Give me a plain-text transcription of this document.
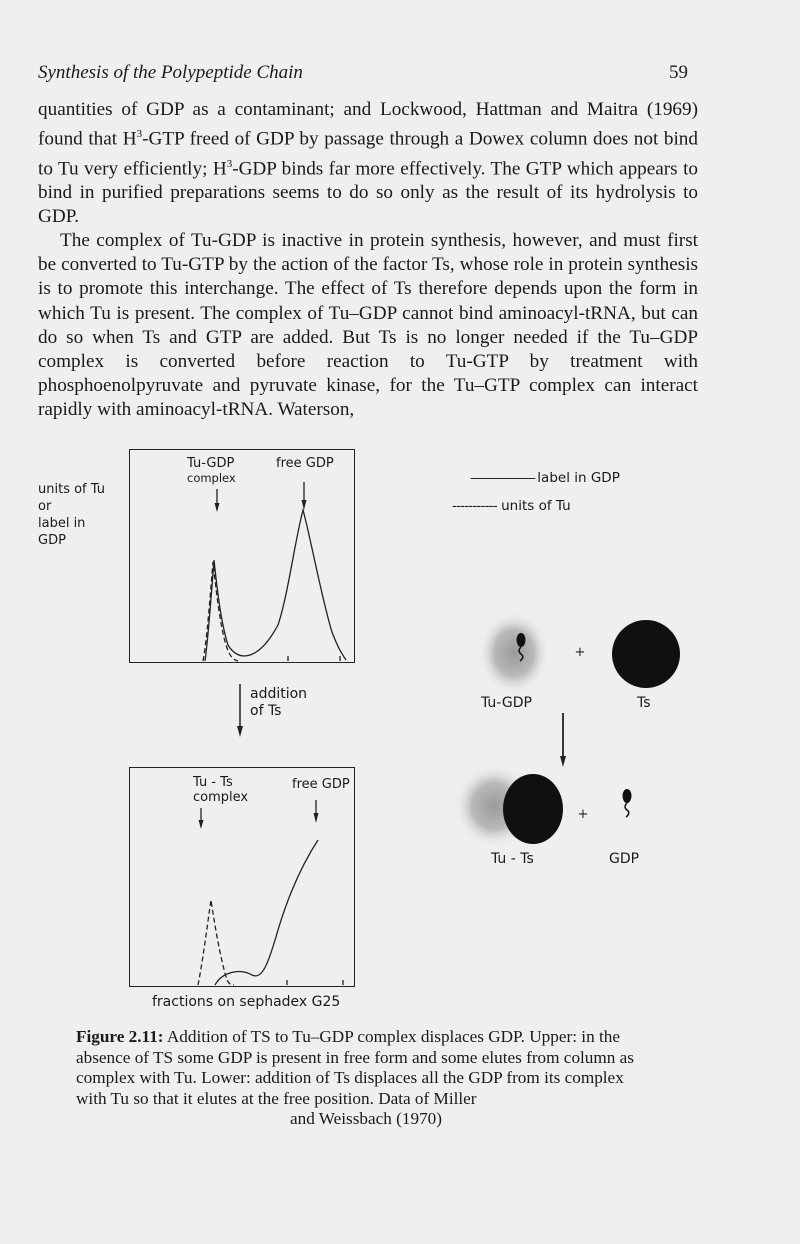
Synthesis of the Polypeptide Chain	59

quantities of GDP as a contaminant; and Lockwood, Hattman and Maitra (1969) found that $H^3$-GTP freed of GDP by passage through a Dowex column does not bind to Tu very efficiently; $H^3$-GDP binds far more effectively. The GTP which appears to bind in purified preparations seems to do so only as the result of its hydrolysis to GDP.

The complex of Tu-GDP is inactive in protein synthesis, however, and must first be converted to Tu-GTP by the action of the factor Ts, whose role in protein synthesis is to promote this interchange. The effect of Ts therefore depends upon the form in which Tu is present. The complex of Tu–GDP cannot bind aminoacyl-tRNA, but can do so when Ts and GTP are added. But Ts is no longer needed if the Tu–GDP complex is converted before reaction to Tu-GTP by treatment with phosphoenolpyruvate and pyruvate kinase, for the Tu–GTP complex can interact rapidly with aminoacyl-tRNA. Waterson,

units of Tu
or
label in
GDP
Tu-GDP
complex
free GDP
addition
of Ts
Tu - Ts
complex
free GDP
fractions on sephadex G25
—————— label in GDP
----------- units of Tu
+
+
Tu-GDP	Ts
Tu - Ts	GDP
Figure 2.11: Addition of TS to Tu–GDP complex displaces GDP. Upper: in the absence of TS some GDP is present in free form and some elutes from column as complex with Tu. Lower: addition of Ts displaces all the GDP from its complex with Tu so that it elutes at the free position. Data of Miller
and Weissbach (1970)
